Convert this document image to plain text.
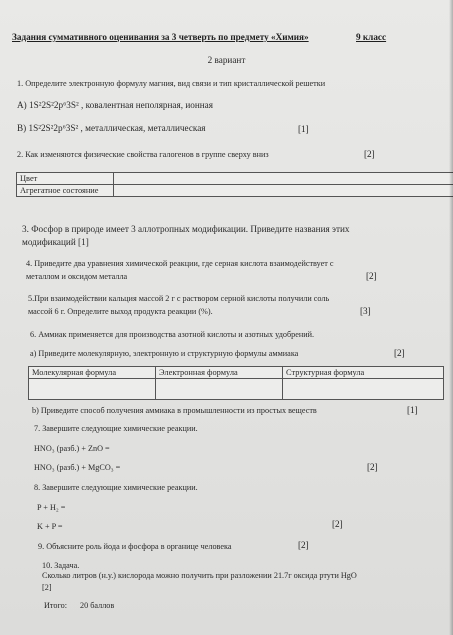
Задания суммативного оценивания за 3 четверть по предмету «Химия»	9 класс
2 вариант
1. Определите электронную формулу магния, вид связи и тип кристаллической решетки
A) 1S²2S²2p⁶3S² , ковалентная неполярная, ионная
B) 1S²2S²2p⁶3S² , металлическая, металлическая	[1]
2. Как изменяются физические свойства галогенов в группе сверху вниз	[2]
Цвет	
Агрегатное состояние	
3. Фосфор в природе имеет 3 аллотропных модификации. Приведите названия этих
модификаций [1]
4. Приведите два уравнения химической реакции, где серная кислота взаимодействует с
металлом и оксидом металла	[2]
5.При взаимодействии кальция массой 2 г с раствором серной кислоты получили соль
массой 6 г. Определите выход продукта реакции (%).	[3]
6. Аммиак применяется для производства азотной кислоты и азотных удобрений.
а) Приведите молекулярную, электронную и структурную формулы аммиака	[2]
Молекулярная формула	Электронная формула	Структурная формула

b) Приведите способ получения аммиака в промышленности из простых веществ	[1]
7. Завершите следующие химические реакции.
HNO₃ (разб.) + ZnO =
HNO₃ (разб.) + MgCO₃ =	[2]
8. Завершите следующие химические реакции.
P + H₂ =
K + P =	[2]
9. Объясните роль йода и фосфора в органице человека	[2]
10. Задача.
Сколько литров (н.у.) кислорода можно получить при разложении 21.7г оксида ртути HgO
[2]
Итого: 20 баллов
